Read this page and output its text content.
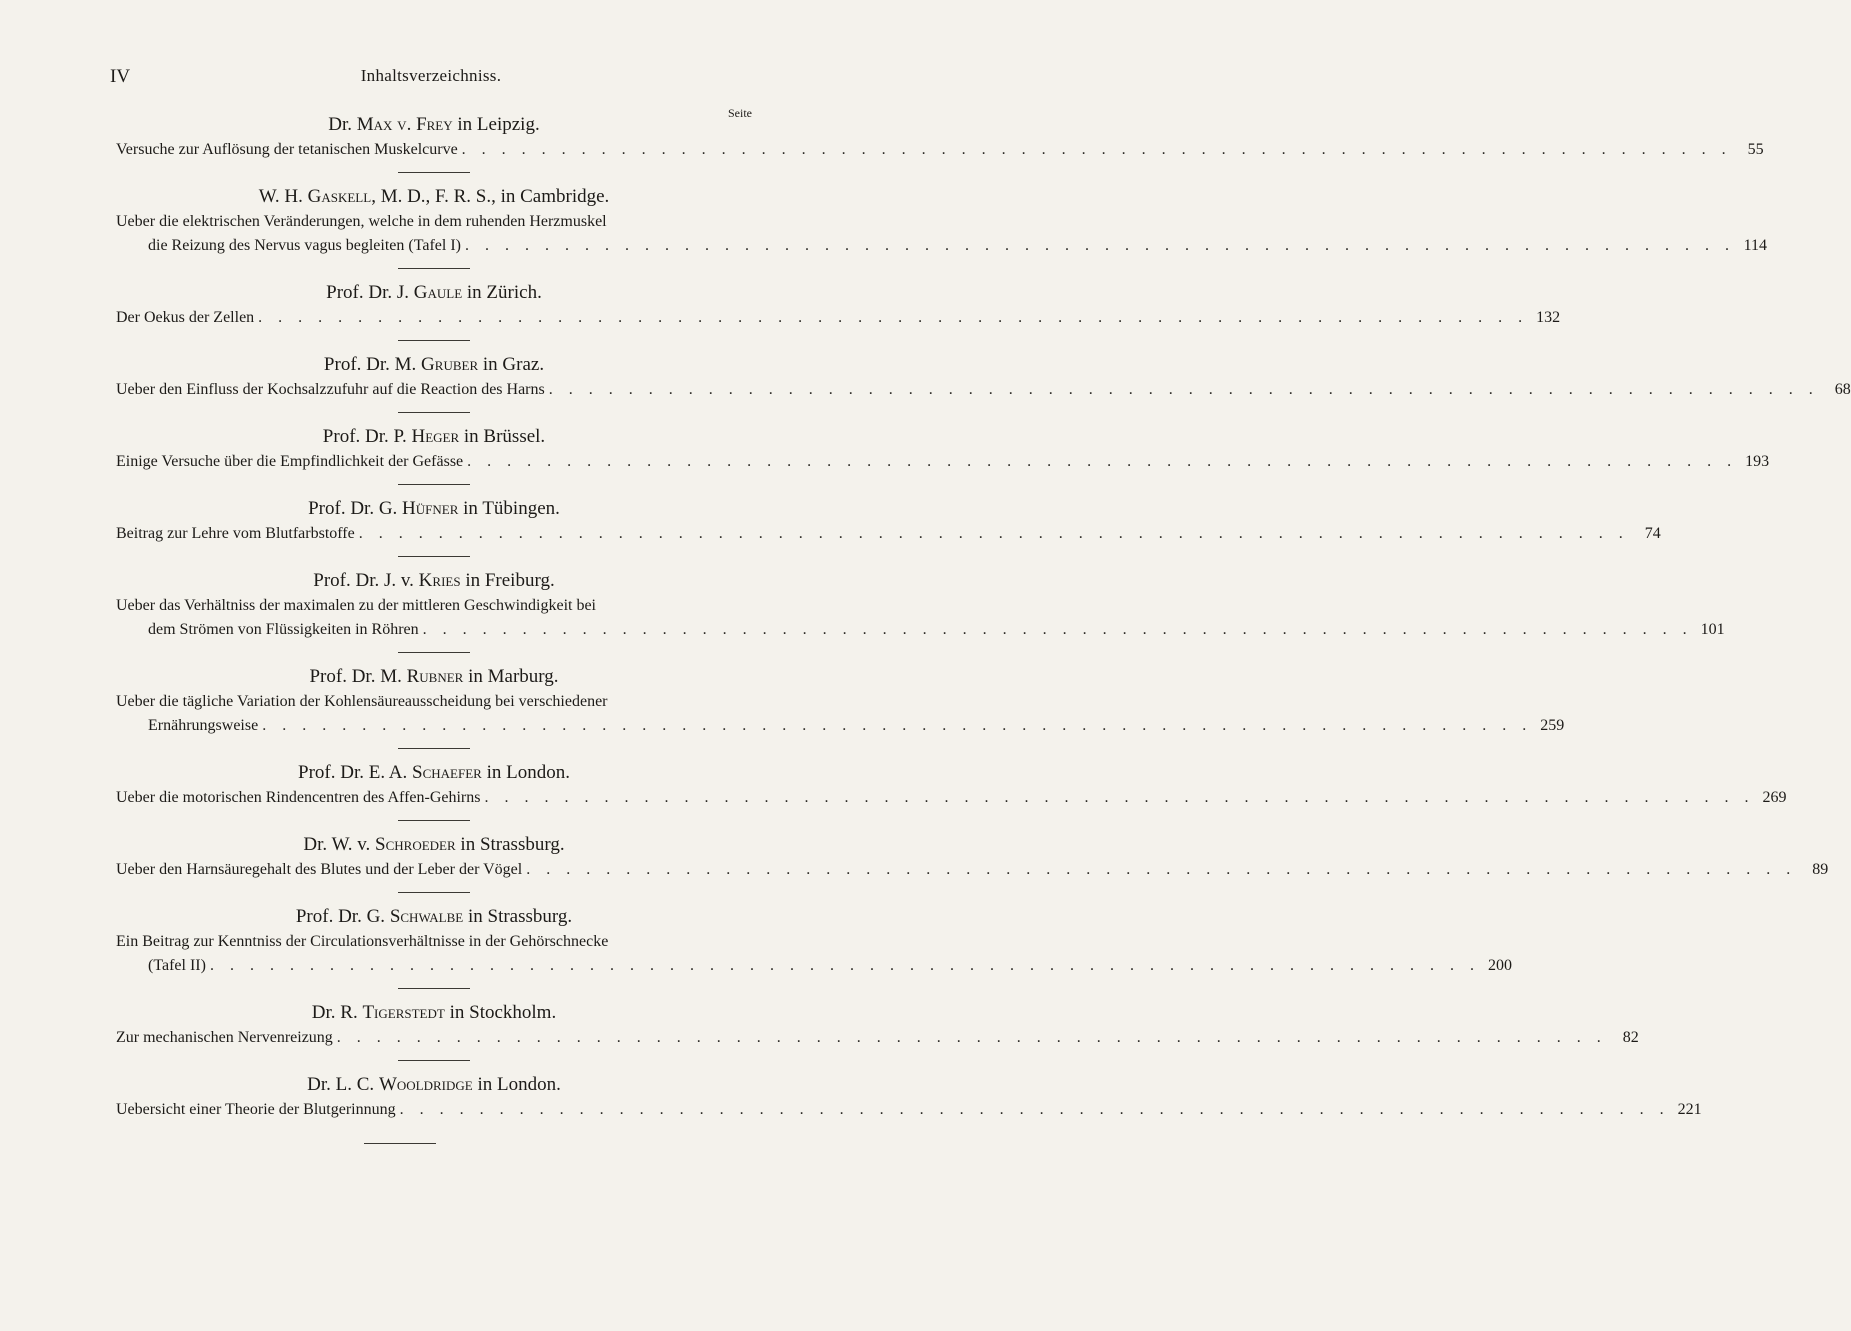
IV	Inhaltsverzeichniss.
Seite
Dr. Max v. Frey in Leipzig.
Versuche zur Auflösung der tetanischen Muskelcurve . . . . . . . . . . . . . . . . . . . . . . . . . . . . . . . . . . . . . . . . . . . . . . . . . . . . . . . . . . . . . . . .	55
W. H. Gaskell, M. D., F. R. S., in Cambridge.
Ueber die elektrischen Veränderungen, welche in dem ruhenden Herzmuskel
die Reizung des Nervus vagus begleiten (Tafel I) . . . . . . . . . . . . . . . . . . . . . . . . . . . . . . . . . . . . . . . . . . . . . . . . . . . . . . . . . . . . . . . . 114
Prof. Dr. J. Gaule in Zürich.
Der Oekus der Zellen . . . . . . . . . . . . . . . . . . . . . . . . . . . . . . . . . . . . . . . . . . . . . . . . . . . . . . . . . . . . . . . . 132
Prof. Dr. M. Gruber in Graz.
Ueber den Einfluss der Kochsalzzufuhr auf die Reaction des Harns . . . . . . . . . . . . . . . . . . . . . . . . . . . . . . . . . . . . . . . . . . . . . . . . . . . . . . . . . . . . . . . .	68
Prof. Dr. P. Heger in Brüssel.
Einige Versuche über die Empfindlichkeit der Gefässe . . . . . . . . . . . . . . . . . . . . . . . . . . . . . . . . . . . . . . . . . . . . . . . . . . . . . . . . . . . . . . . . 193
Prof. Dr. G. Hüfner in Tübingen.
Beitrag zur Lehre vom Blutfarbstoffe . . . . . . . . . . . . . . . . . . . . . . . . . . . . . . . . . . . . . . . . . . . . . . . . . . . . . . . . . . . . . . . .	74
Prof. Dr. J. v. Kries in Freiburg.
Ueber das Verhältniss der maximalen zu der mittleren Geschwindigkeit bei
dem Strömen von Flüssigkeiten in Röhren . . . . . . . . . . . . . . . . . . . . . . . . . . . . . . . . . . . . . . . . . . . . . . . . . . . . . . . . . . . . . . . . 101
Prof. Dr. M. Rubner in Marburg.
Ueber die tägliche Variation der Kohlensäureausscheidung bei verschiedener
Ernährungsweise . . . . . . . . . . . . . . . . . . . . . . . . . . . . . . . . . . . . . . . . . . . . . . . . . . . . . . . . . . . . . . . . 259
Prof. Dr. E. A. Schaefer in London.
Ueber die motorischen Rindencentren des Affen-Gehirns . . . . . . . . . . . . . . . . . . . . . . . . . . . . . . . . . . . . . . . . . . . . . . . . . . . . . . . . . . . . . . . . 269
Dr. W. v. Schroeder in Strassburg.
Ueber den Harnsäuregehalt des Blutes und der Leber der Vögel . . . . . . . . . . . . . . . . . . . . . . . . . . . . . . . . . . . . . . . . . . . . . . . . . . . . . . . . . . . . . . . .	89
Prof. Dr. G. Schwalbe in Strassburg.
Ein Beitrag zur Kenntniss der Circulationsverhältnisse in der Gehörschnecke
(Tafel II) . . . . . . . . . . . . . . . . . . . . . . . . . . . . . . . . . . . . . . . . . . . . . . . . . . . . . . . . . . . . . . . . 200
Dr. R. Tigerstedt in Stockholm.
Zur mechanischen Nervenreizung . . . . . . . . . . . . . . . . . . . . . . . . . . . . . . . . . . . . . . . . . . . . . . . . . . . . . . . . . . . . . . . .	82
Dr. L. C. Wooldridge in London.
Uebersicht einer Theorie der Blutgerinnung . . . . . . . . . . . . . . . . . . . . . . . . . . . . . . . . . . . . . . . . . . . . . . . . . . . . . . . . . . . . . . . . 221
